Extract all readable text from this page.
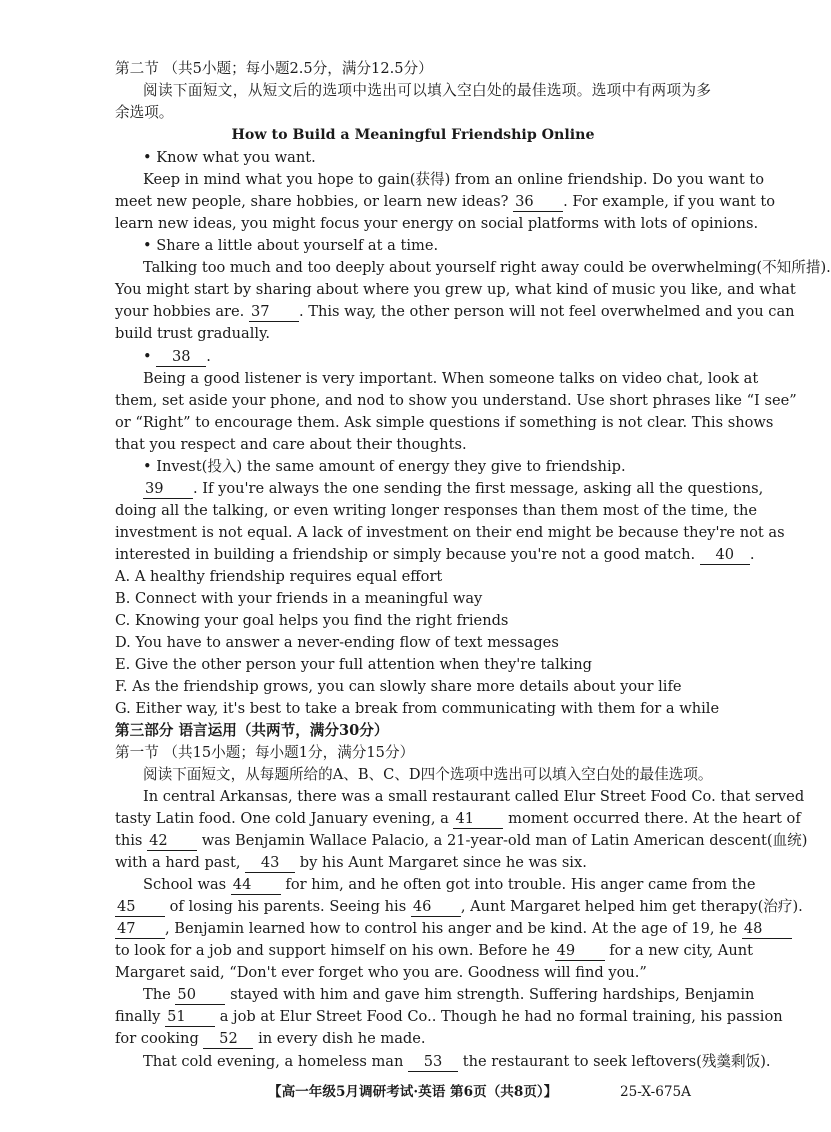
第二节 （共5小题；每小题2.5分，满分12.5分）
阅读下面短文，从短文后的选项中选出可以填入空白处的最佳选项。选项中有两项为多
余选项。
How to Build a Meaningful Friendship Online
• Know what you want.
Keep in mind what you hope to gain(获得) from an online friendship. Do you want to
meet new people, share hobbies, or learn new ideas? 36 . For example, if you want to
learn new ideas, you might focus your energy on social platforms with lots of opinions.
• Share a little about yourself at a time.
Talking too much and too deeply about yourself right away could be overwhelming(不知所措).
You might start by sharing about where you grew up, what kind of music you like, and what
your hobbies are. 37 . This way, the other person will not feel overwhelmed and you can
build trust gradually.
• 38 .
Being a good listener is very important. When someone talks on video chat, look at
them, set aside your phone, and nod to show you understand. Use short phrases like “I see”
or “Right” to encourage them. Ask simple questions if something is not clear. This shows
that you respect and care about their thoughts.
• Invest(投入) the same amount of energy they give to friendship.
39 . If you're always the one sending the first message, asking all the questions,
doing all the talking, or even writing longer responses than them most of the time, the
investment is not equal. A lack of investment on their end might be because they're not as
interested in building a friendship or simply because you're not a good match. 40 .
A. A healthy friendship requires equal effort
B. Connect with your friends in a meaningful way
C. Knowing your goal helps you find the right friends
D. You have to answer a never-ending flow of text messages
E. Give the other person your full attention when they're talking
F. As the friendship grows, you can slowly share more details about your life
G. Either way, it's best to take a break from communicating with them for a while
第三部分 语言运用（共两节，满分30分）
第一节 （共15小题；每小题1分，满分15分）
阅读下面短文，从每题所给的A、B、C、D四个选项中选出可以填入空白处的最佳选项。
In central Arkansas, there was a small restaurant called Elur Street Food Co. that served
tasty Latin food. One cold January evening, a 41 moment occurred there. At the heart of
this 42 was Benjamin Wallace Palacio, a 21-year-old man of Latin American descent(血统)
with a hard past, 43 by his Aunt Margaret since he was six.
School was 44 for him, and he often got into trouble. His anger came from the
45 of losing his parents. Seeing his 46 , Aunt Margaret helped him get therapy(治疗).
47 , Benjamin learned how to control his anger and be kind. At the age of 19, he 48
to look for a job and support himself on his own. Before he 49 for a new city, Aunt
Margaret said, “Don't ever forget who you are. Goodness will find you.”
The 50 stayed with him and gave him strength. Suffering hardships, Benjamin
finally 51 a job at Elur Street Food Co.. Though he had no formal training, his passion
for cooking 52 in every dish he made.
That cold evening, a homeless man 53 the restaurant to seek leftovers(残羹剩饭).
【高一年级5月调研考试·英语 第6页（共8页）】	25-X-675A
